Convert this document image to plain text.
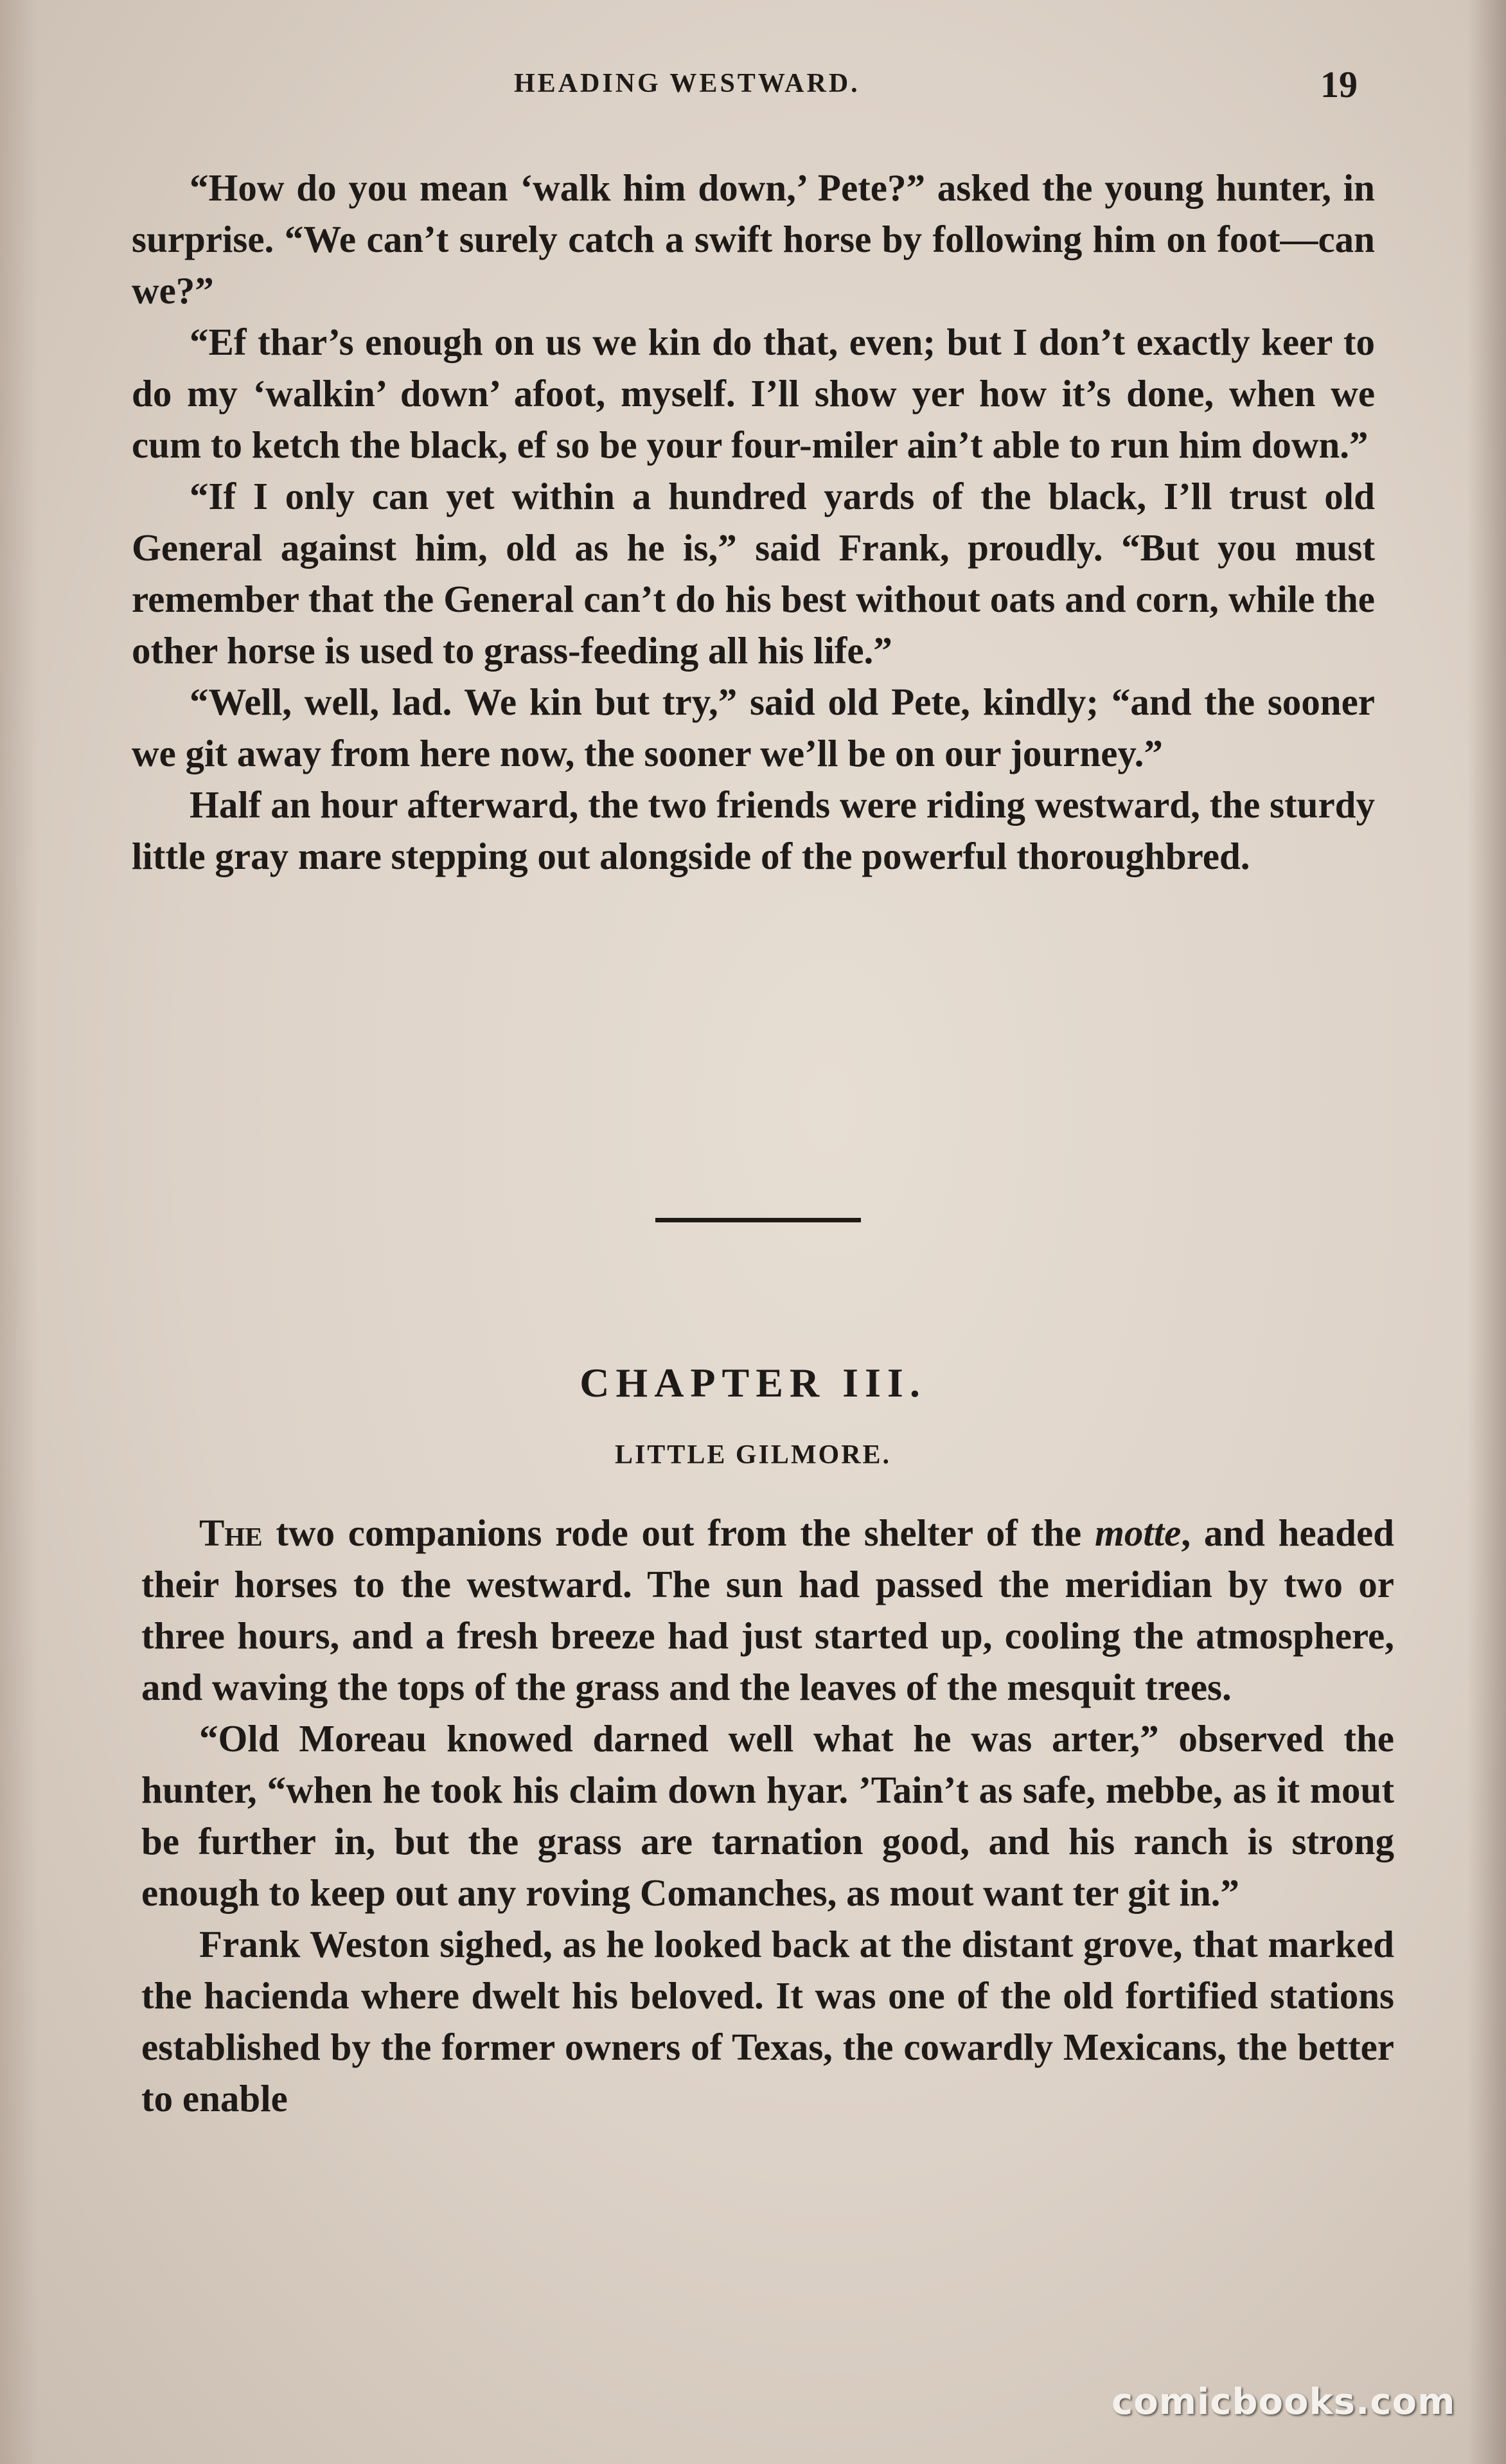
HEADING WESTWARD.	19

“How do you mean ‘walk him down,’ Pete?” asked the young hunter, in surprise. “We can’t surely catch a swift horse by following him on foot—can we?”

“Ef thar’s enough on us we kin do that, even; but I don’t exactly keer to do my ‘walkin’ down’ afoot, myself. I’ll show yer how it’s done, when we cum to ketch the black, ef so be your four-miler ain’t able to run him down.”

“If I only can yet within a hundred yards of the black, I’ll trust old General against him, old as he is,” said Frank, proudly. “But you must remember that the General can’t do his best without oats and corn, while the other horse is used to grass-feeding all his life.”

“Well, well, lad. We kin but try,” said old Pete, kindly; “and the sooner we git away from here now, the sooner we’ll be on our journey.”

Half an hour afterward, the two friends were riding westward, the sturdy little gray mare stepping out alongside of the powerful thoroughbred.

CHAPTER III.
LITTLE GILMORE.

The two companions rode out from the shelter of the motte, and headed their horses to the westward. The sun had passed the meridian by two or three hours, and a fresh breeze had just started up, cooling the atmosphere, and waving the tops of the grass and the leaves of the mesquit trees.

“Old Moreau knowed darned well what he was arter,” observed the hunter, “when he took his claim down hyar. ’Tain’t as safe, mebbe, as it mout be further in, but the grass are tarnation good, and his ranch is strong enough to keep out any roving Comanches, as mout want ter git in.”

Frank Weston sighed, as he looked back at the distant grove, that marked the hacienda where dwelt his beloved. It was one of the old fortified stations established by the former owners of Texas, the cowardly Mexicans, the better to enable

comicbooks.com
